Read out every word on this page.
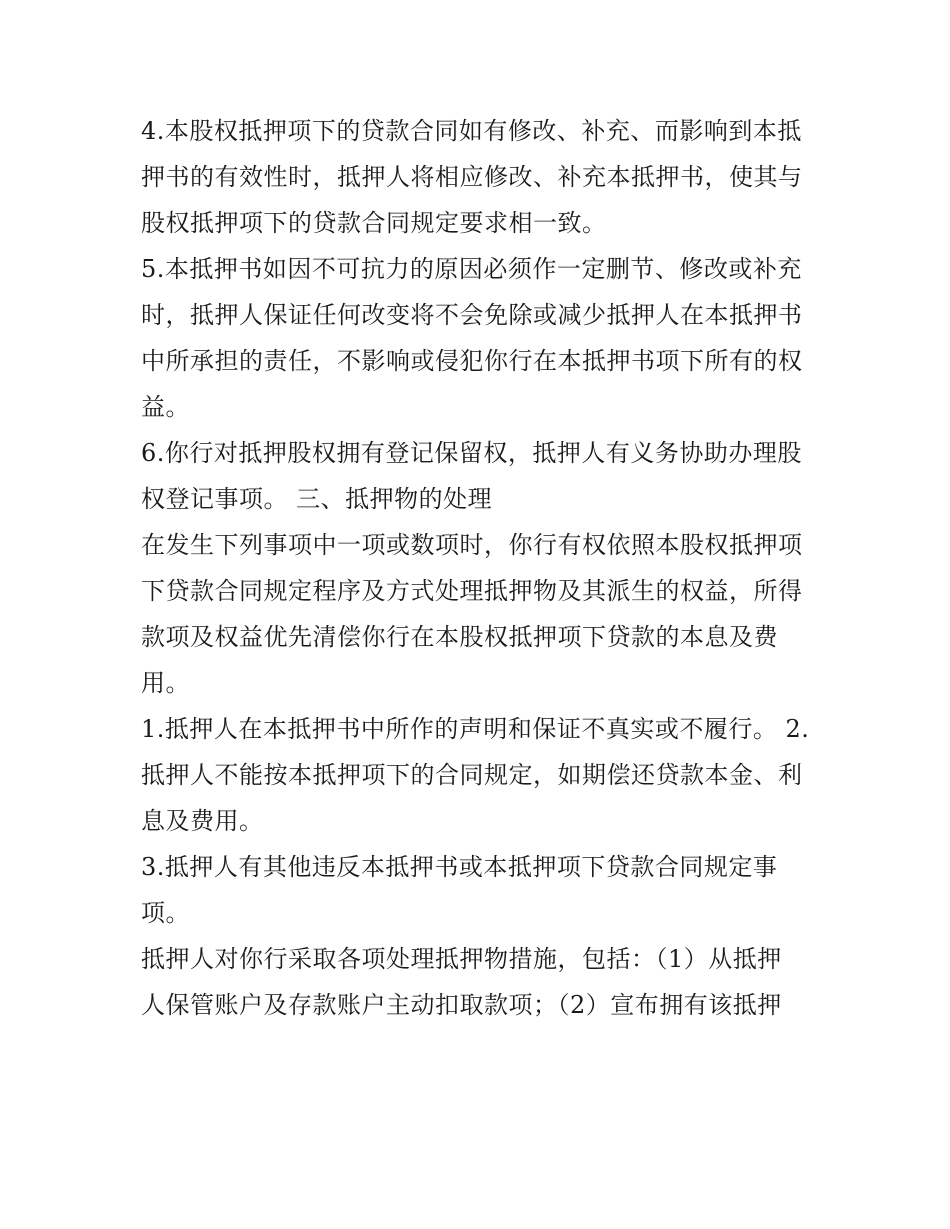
4.本股权抵押项下的贷款合同如有修改、补充、而影响到本抵
押书的有效性时，抵押人将相应修改、补充本抵押书，使其与
股权抵押项下的贷款合同规定要求相一致。
5.本抵押书如因不可抗力的原因必须作一定删节、修改或补充
时，抵押人保证任何改变将不会免除或减少抵押人在本抵押书
中所承担的责任，不影响或侵犯你行在本抵押书项下所有的权
益。
6.你行对抵押股权拥有登记保留权，抵押人有义务协助办理股
权登记事项。 三、抵押物的处理
在发生下列事项中一项或数项时，你行有权依照本股权抵押项
下贷款合同规定程序及方式处理抵押物及其派生的权益，所得
款项及权益优先清偿你行在本股权抵押项下贷款的本息及费
用。
1.抵押人在本抵押书中所作的声明和保证不真实或不履行。 2.
抵押人不能按本抵押项下的合同规定，如期偿还贷款本金、利
息及费用。
3.抵押人有其他违反本抵押书或本抵押项下贷款合同规定事
项。
抵押人对你行采取各项处理抵押物措施，包括：（1）从抵押
人保管账户及存款账户主动扣取款项；（2）宣布拥有该抵押
